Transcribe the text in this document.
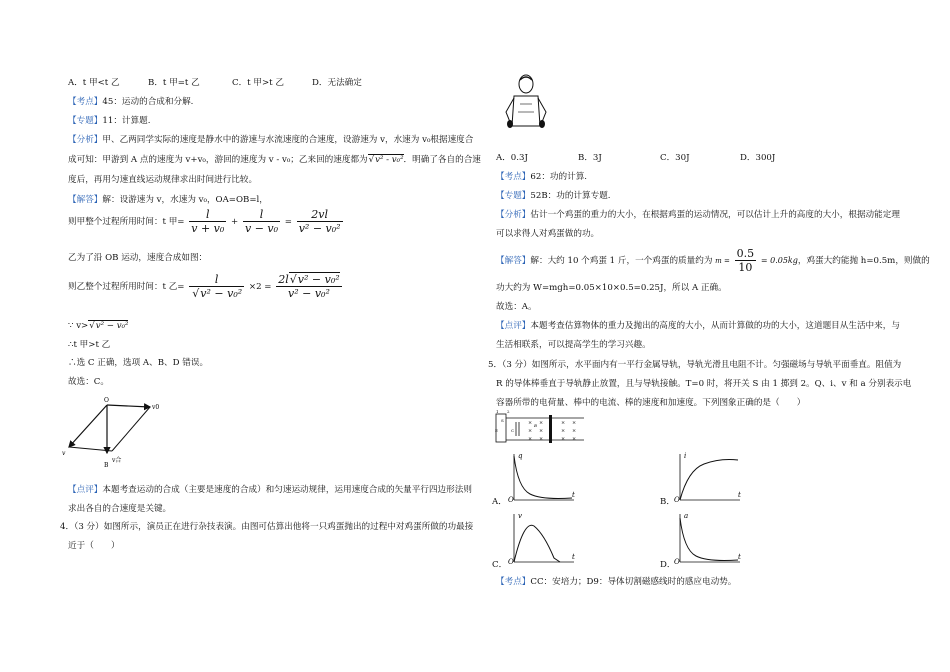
A．t 甲<t 乙	B．t 甲=t 乙	C．t 甲>t 乙	D．无法确定
【考点】45：运动的合成和分解.
【专题】11：计算题.
【分析】甲、乙两同学实际的速度是静水中的游速与水流速度的合速度，设游速为 v，水速为 v₀根据速度合
成可知：甲游到 A 点的速度为 v+v₀，游回的速度为 v - v₀；乙来回的速度都为 √ v² - v₀²．明确了各自的合速
度后，再用匀速直线运动规律求出时间进行比较。
【解答】解：设游速为 v，水速为 v₀，OA=OB=l，
则甲整个过程所用时间：t 甲= $\frac{l}{\text{v + v₀}} + \frac{l}{\text{v − v₀}} = \frac{2vl}{\text{v² − v₀²}}$
乙为了沿 OB 运动，速度合成如图：
则乙整个过程所用时间：t 乙= l
√ $v^2 - v_0^2 \times 2 = \frac{\text{2l √ v² − v₀²}}{\text{v² − v₀²}}$
∵ v> √ v² − v₀²
∴t 甲>t 乙
∴选 C 正确，选项 A、B、D 错误。
故选：C。
O
v0
v
B
v合
【点评】本题考查运动的合成（主要是速度的合成）和匀速运动规律，运用速度合成的矢量平行四边形法则
求出各自的合速度是关键。
4．（3 分）如图所示，演员正在进行杂技表演。由图可估算出他将一只鸡蛋抛出的过程中对鸡蛋所做的功最接
近于（　　）
A．0.3J	B．3J	C．30J	D．300J
【考点】62：功的计算.
【专题】52B：功的计算专题.
【分析】估计一个鸡蛋的重力的大小，在根据鸡蛋的运动情况，可以估计上升的高度的大小，根据动能定理
可以求得人对鸡蛋做的功。
【解答】解：大约 10 个鸡蛋 1 斤，一个鸡蛋的质量约为 $m = \frac{0.5}{10} = 0.05kg$，鸡蛋大约能抛 h=0.5m，则做的
功大约为 W=mgh=0.05×10×0.5=0.25J，所以 A 正确。
故选：A。
【点评】本题考查估算物体的重力及抛出的高度的大小，从而计算做的功的大小，这道题目从生活中来，与
生活相联系，可以提高学生的学习兴趣。
5．（3 分）如图所示，水平面内有一平行金属导轨，导轨光滑且电阻不计。匀强磁场与导轨平面垂直。阻值为
R 的导体棒垂直于导轨静止放置，且与导轨接触。T=0 时，将开关 S 由 1 掷到 2。Q、i、v 和 a 分别表示电
容器所带的电荷量、棒中的电流、棒的速度和加速度。下列图象正确的是（　　）
1 2
S
E	C
B
× ×	× ×
× ×	× ×
× ×	× ×
A．
q
O
t
B．
i
O
t
C．
v
O
t
D．
a
O
t
【考点】CC：安培力；D9：导体切割磁感线时的感应电动势。
